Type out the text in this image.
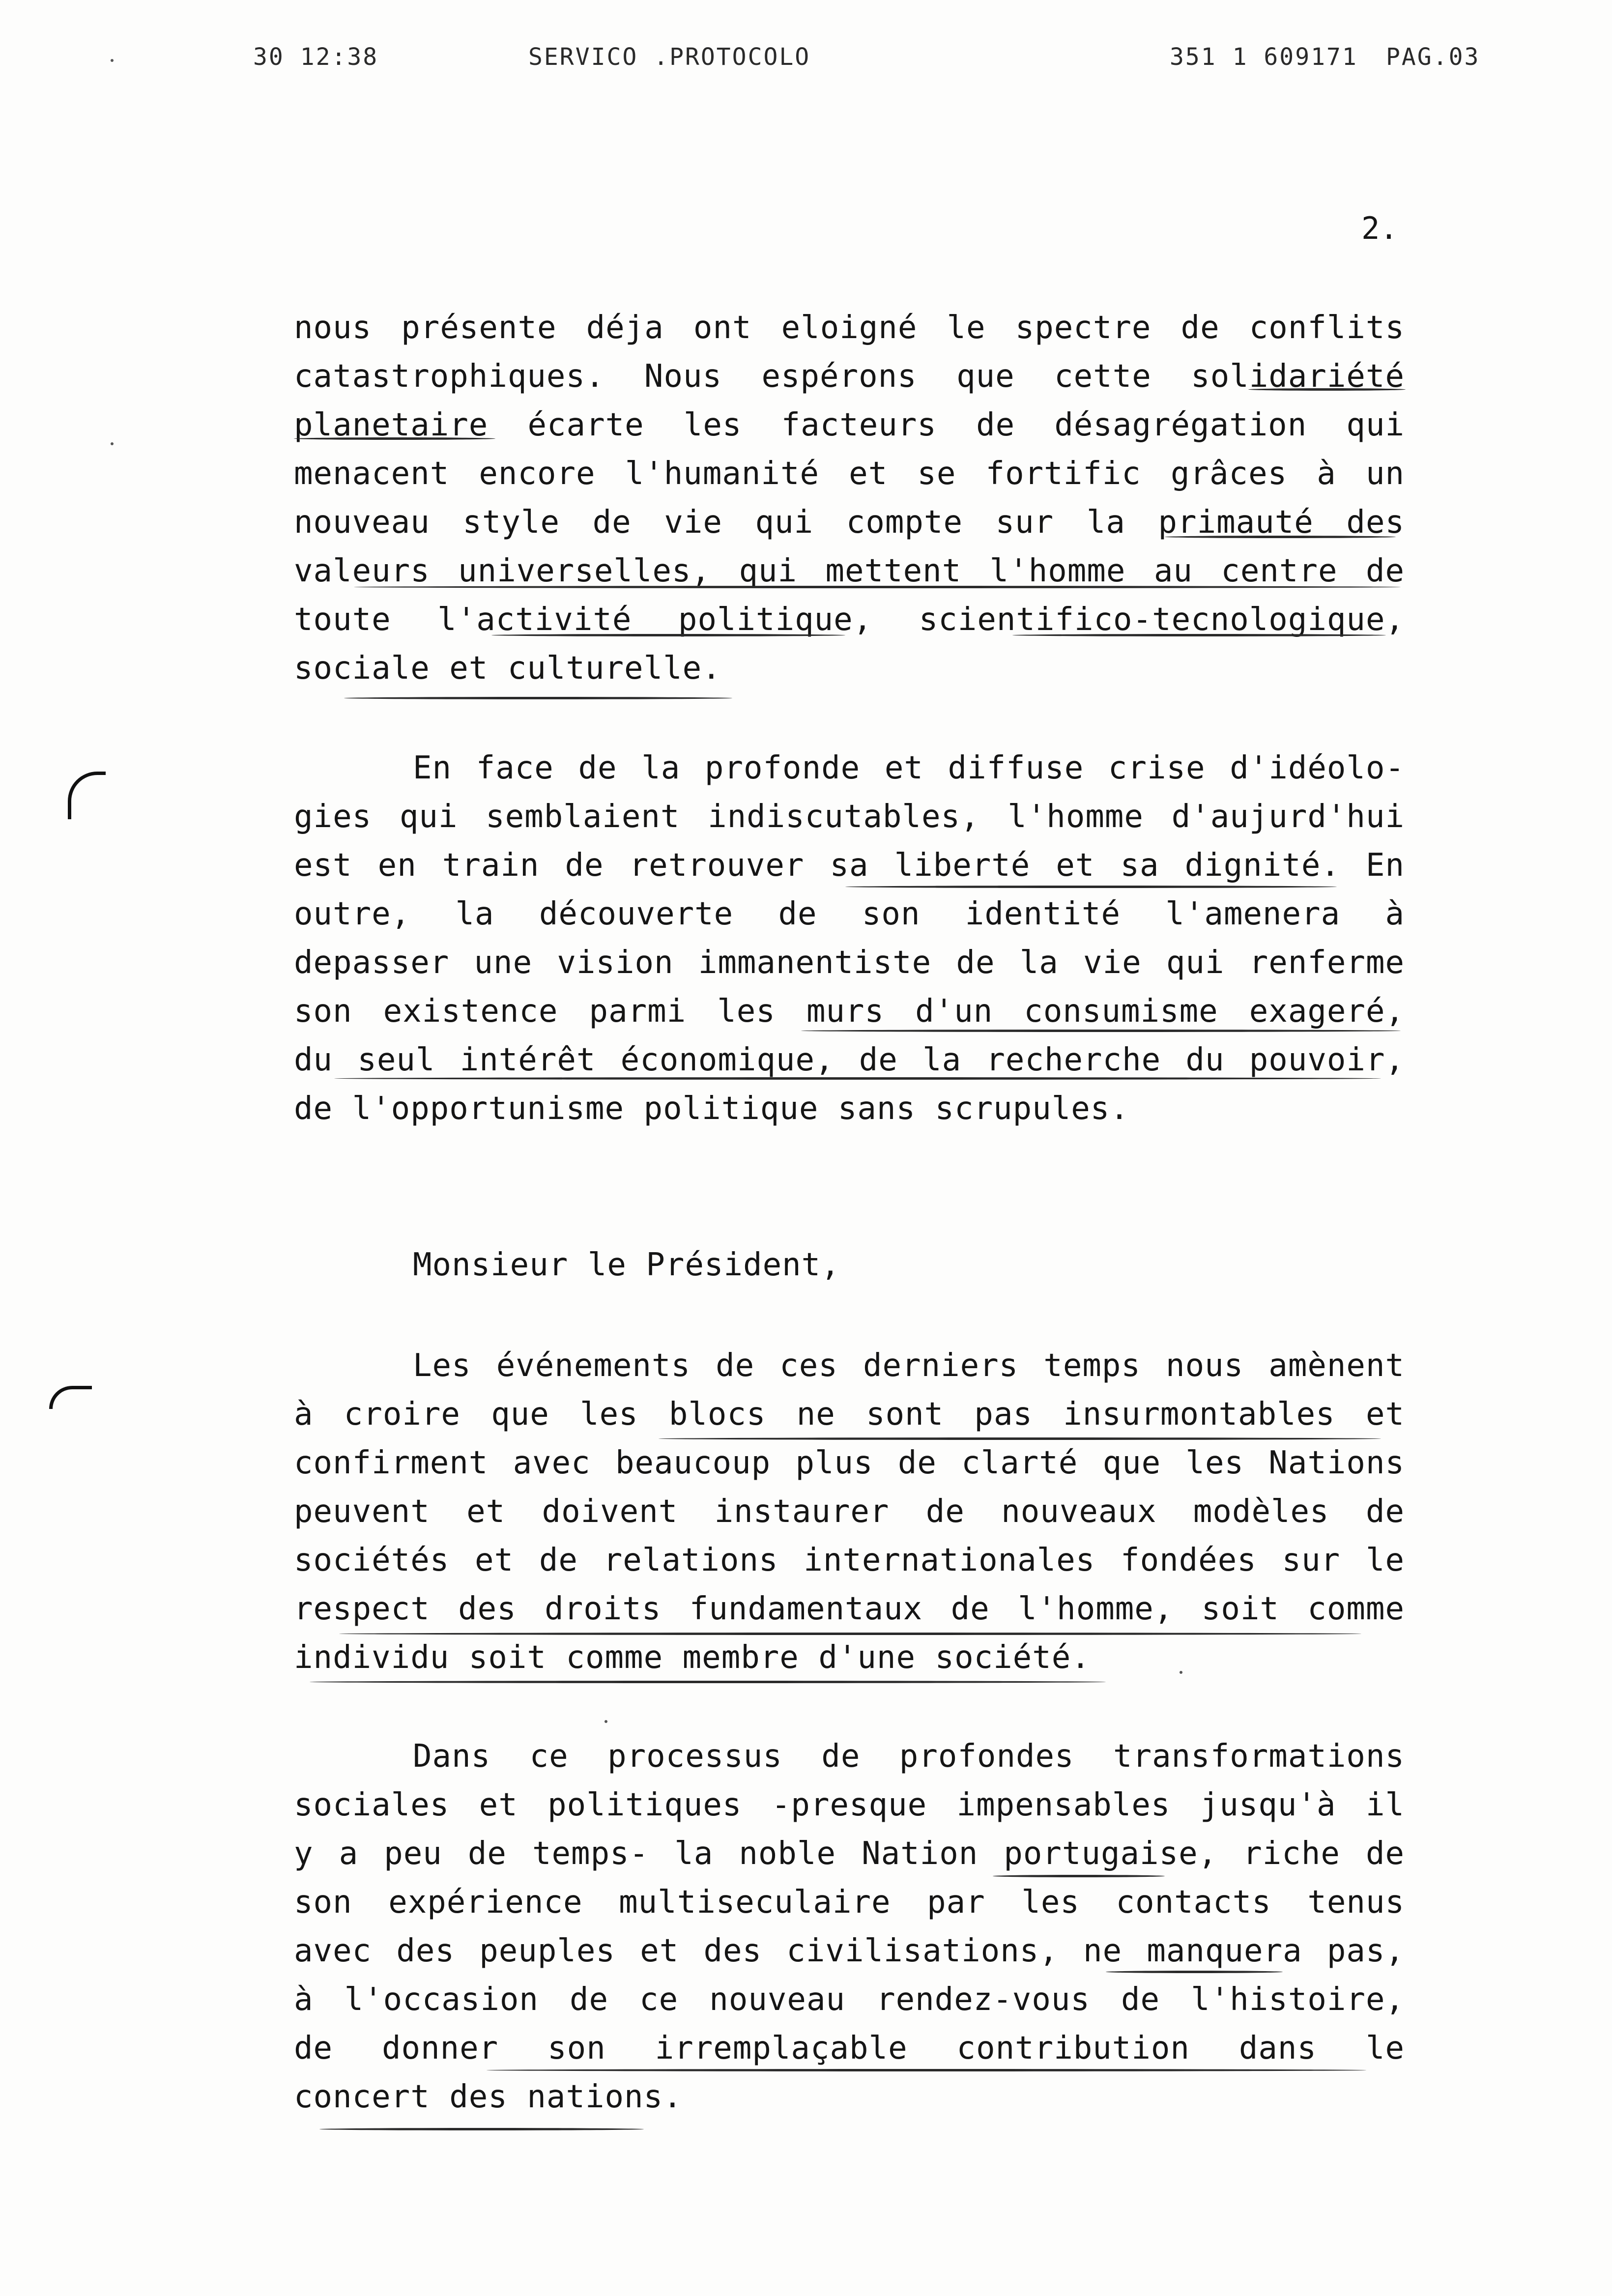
30 12:38	SERVICO .PROTOCOLO	351 1 609171 PAG.03
2.
nous présente déja ont eloigné le spectre de conflits
catastrophiques. Nous espérons que cette solidariété
planetaire écarte les facteurs de désagrégation qui
menacent encore l'humanité et se fortific grâces à un
nouveau style de vie qui compte sur la primauté des
valeurs universelles, qui mettent l'homme au centre de
toute l'activité politique, scientifico-tecnologique,
sociale et culturelle.
En face de la profonde et diffuse crise d'idéolo-
gies qui semblaient indiscutables, l'homme d'aujurd'hui
est en train de retrouver sa liberté et sa dignité. En
outre, la découverte de son identité l'amenera à
depasser une vision immanentiste de la vie qui renferme
son existence parmi les murs d'un consumisme exageré,
du seul intérêt économique, de la recherche du pouvoir,
de l'opportunisme politique sans scrupules.
Monsieur le Président,
Les événements de ces derniers temps nous amènent
à croire que les blocs ne sont pas insurmontables et
confirment avec beaucoup plus de clarté que les Nations
peuvent et doivent instaurer de nouveaux modèles de
sociétés et de relations internationales fondées sur le
respect des droits fundamentaux de l'homme, soit comme
individu soit comme membre d'une société.
Dans ce processus de profondes transformations
sociales et politiques -presque impensables jusqu'à il
y a peu de temps- la noble Nation portugaise, riche de
son expérience multiseculaire par les contacts tenus
avec des peuples et des civilisations, ne manquera pas,
à l'occasion de ce nouveau rendez-vous de l'histoire,
de donner son irremplaçable contribution dans le
concert des nations.
